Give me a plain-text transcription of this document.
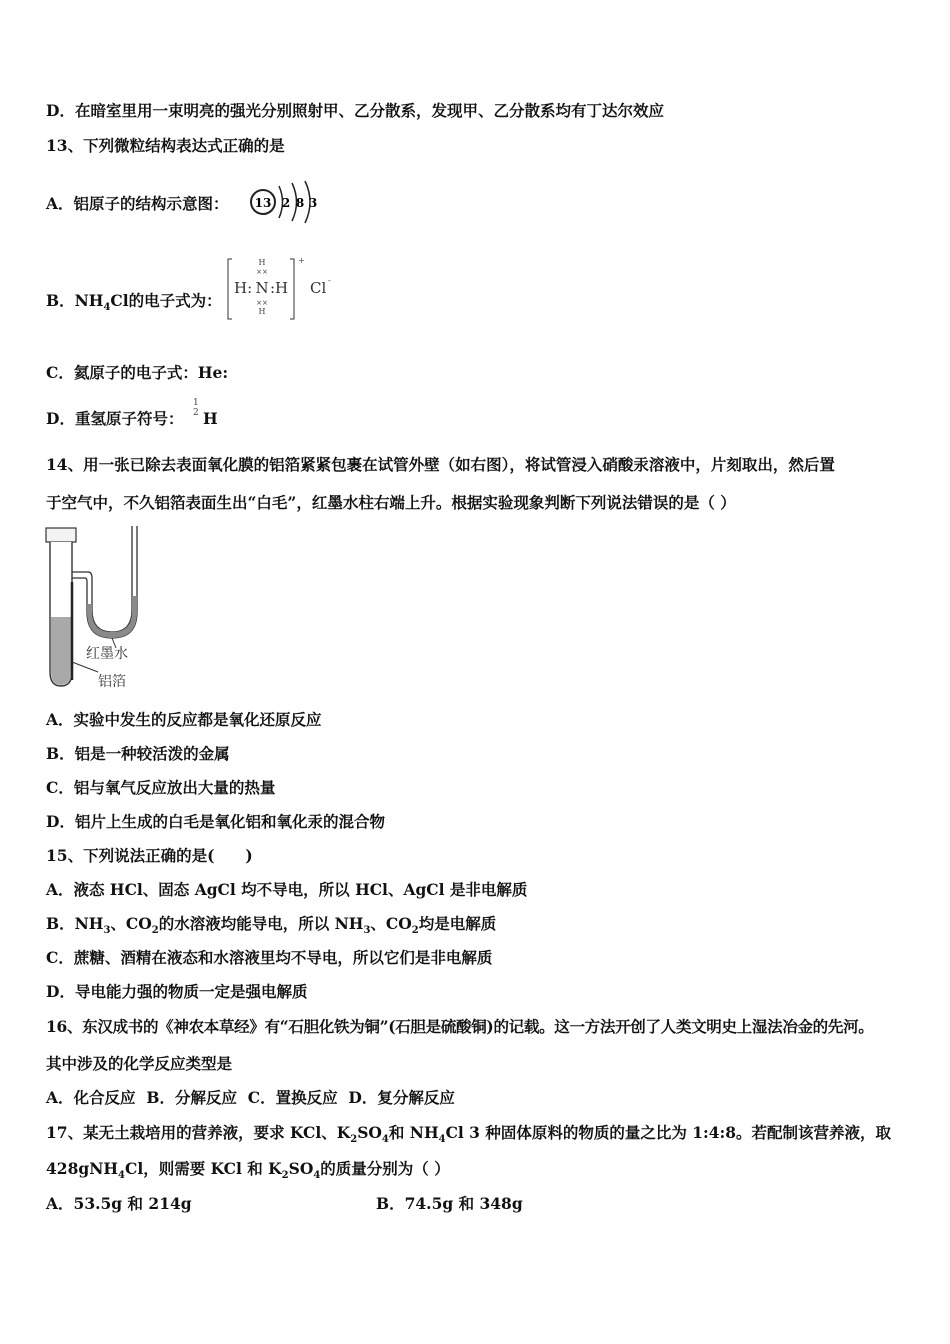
D．在暗室里用一束明亮的强光分别照射甲、乙分散系，发现甲、乙分散系均有丁达尔效应
13、下列微粒结构表达式正确的是
A．铝原子的结构示意图： 13 2 8 3
B．$NH_4Cl$的电子式为：
H
××
H: N :H
××
H
+
Cl -
C．氦原子的电子式：He:
D．重氢原子符号：
1
2 H
14、用一张已除去表面氧化膜的铝箔紧紧包裹在试管外壁（如右图），将试管浸入硝酸汞溶液中，片刻取出，然后置
于空气中，不久铝箔表面生出“白毛”，红墨水柱右端上升。根据实验现象判断下列说法错误的是（ ）
红墨水
铝箔
A．实验中发生的反应都是氧化还原反应
B．铝是一种较活泼的金属
C．铝与氧气反应放出大量的热量
D．铝片上生成的白毛是氧化铝和氧化汞的混合物
15、下列说法正确的是(　　)
A．液态 HCl、固态 AgCl 均不导电，所以 HCl、AgCl 是非电解质
B．$NH_3$、$CO_2$的水溶液均能导电，所以 $NH_3$、$CO_2$均是电解质
C．蔗糖、酒精在液态和水溶液里均不导电，所以它们是非电解质
D．导电能力强的物质一定是强电解质
16、东汉成书的《神农本草经》有“石胆化铁为铜”(石胆是硫酸铜)的记载。这一方法开创了人类文明史上湿法冶金的先河。
其中涉及的化学反应类型是
A．化合反应 B．分解反应 C．置换反应 D．复分解反应
17、某无土栽培用的营养液，要求 KCl、$K_2SO_4$和 $NH_4Cl$ 3 种固体原料的物质的量之比为 1:4:8。若配制该营养液，取
428gNH$_4$Cl，则需要 KCl 和 $K_2SO_4$的质量分别为（ ）
A．53.5g 和 214g	B．74.5g 和 348g
